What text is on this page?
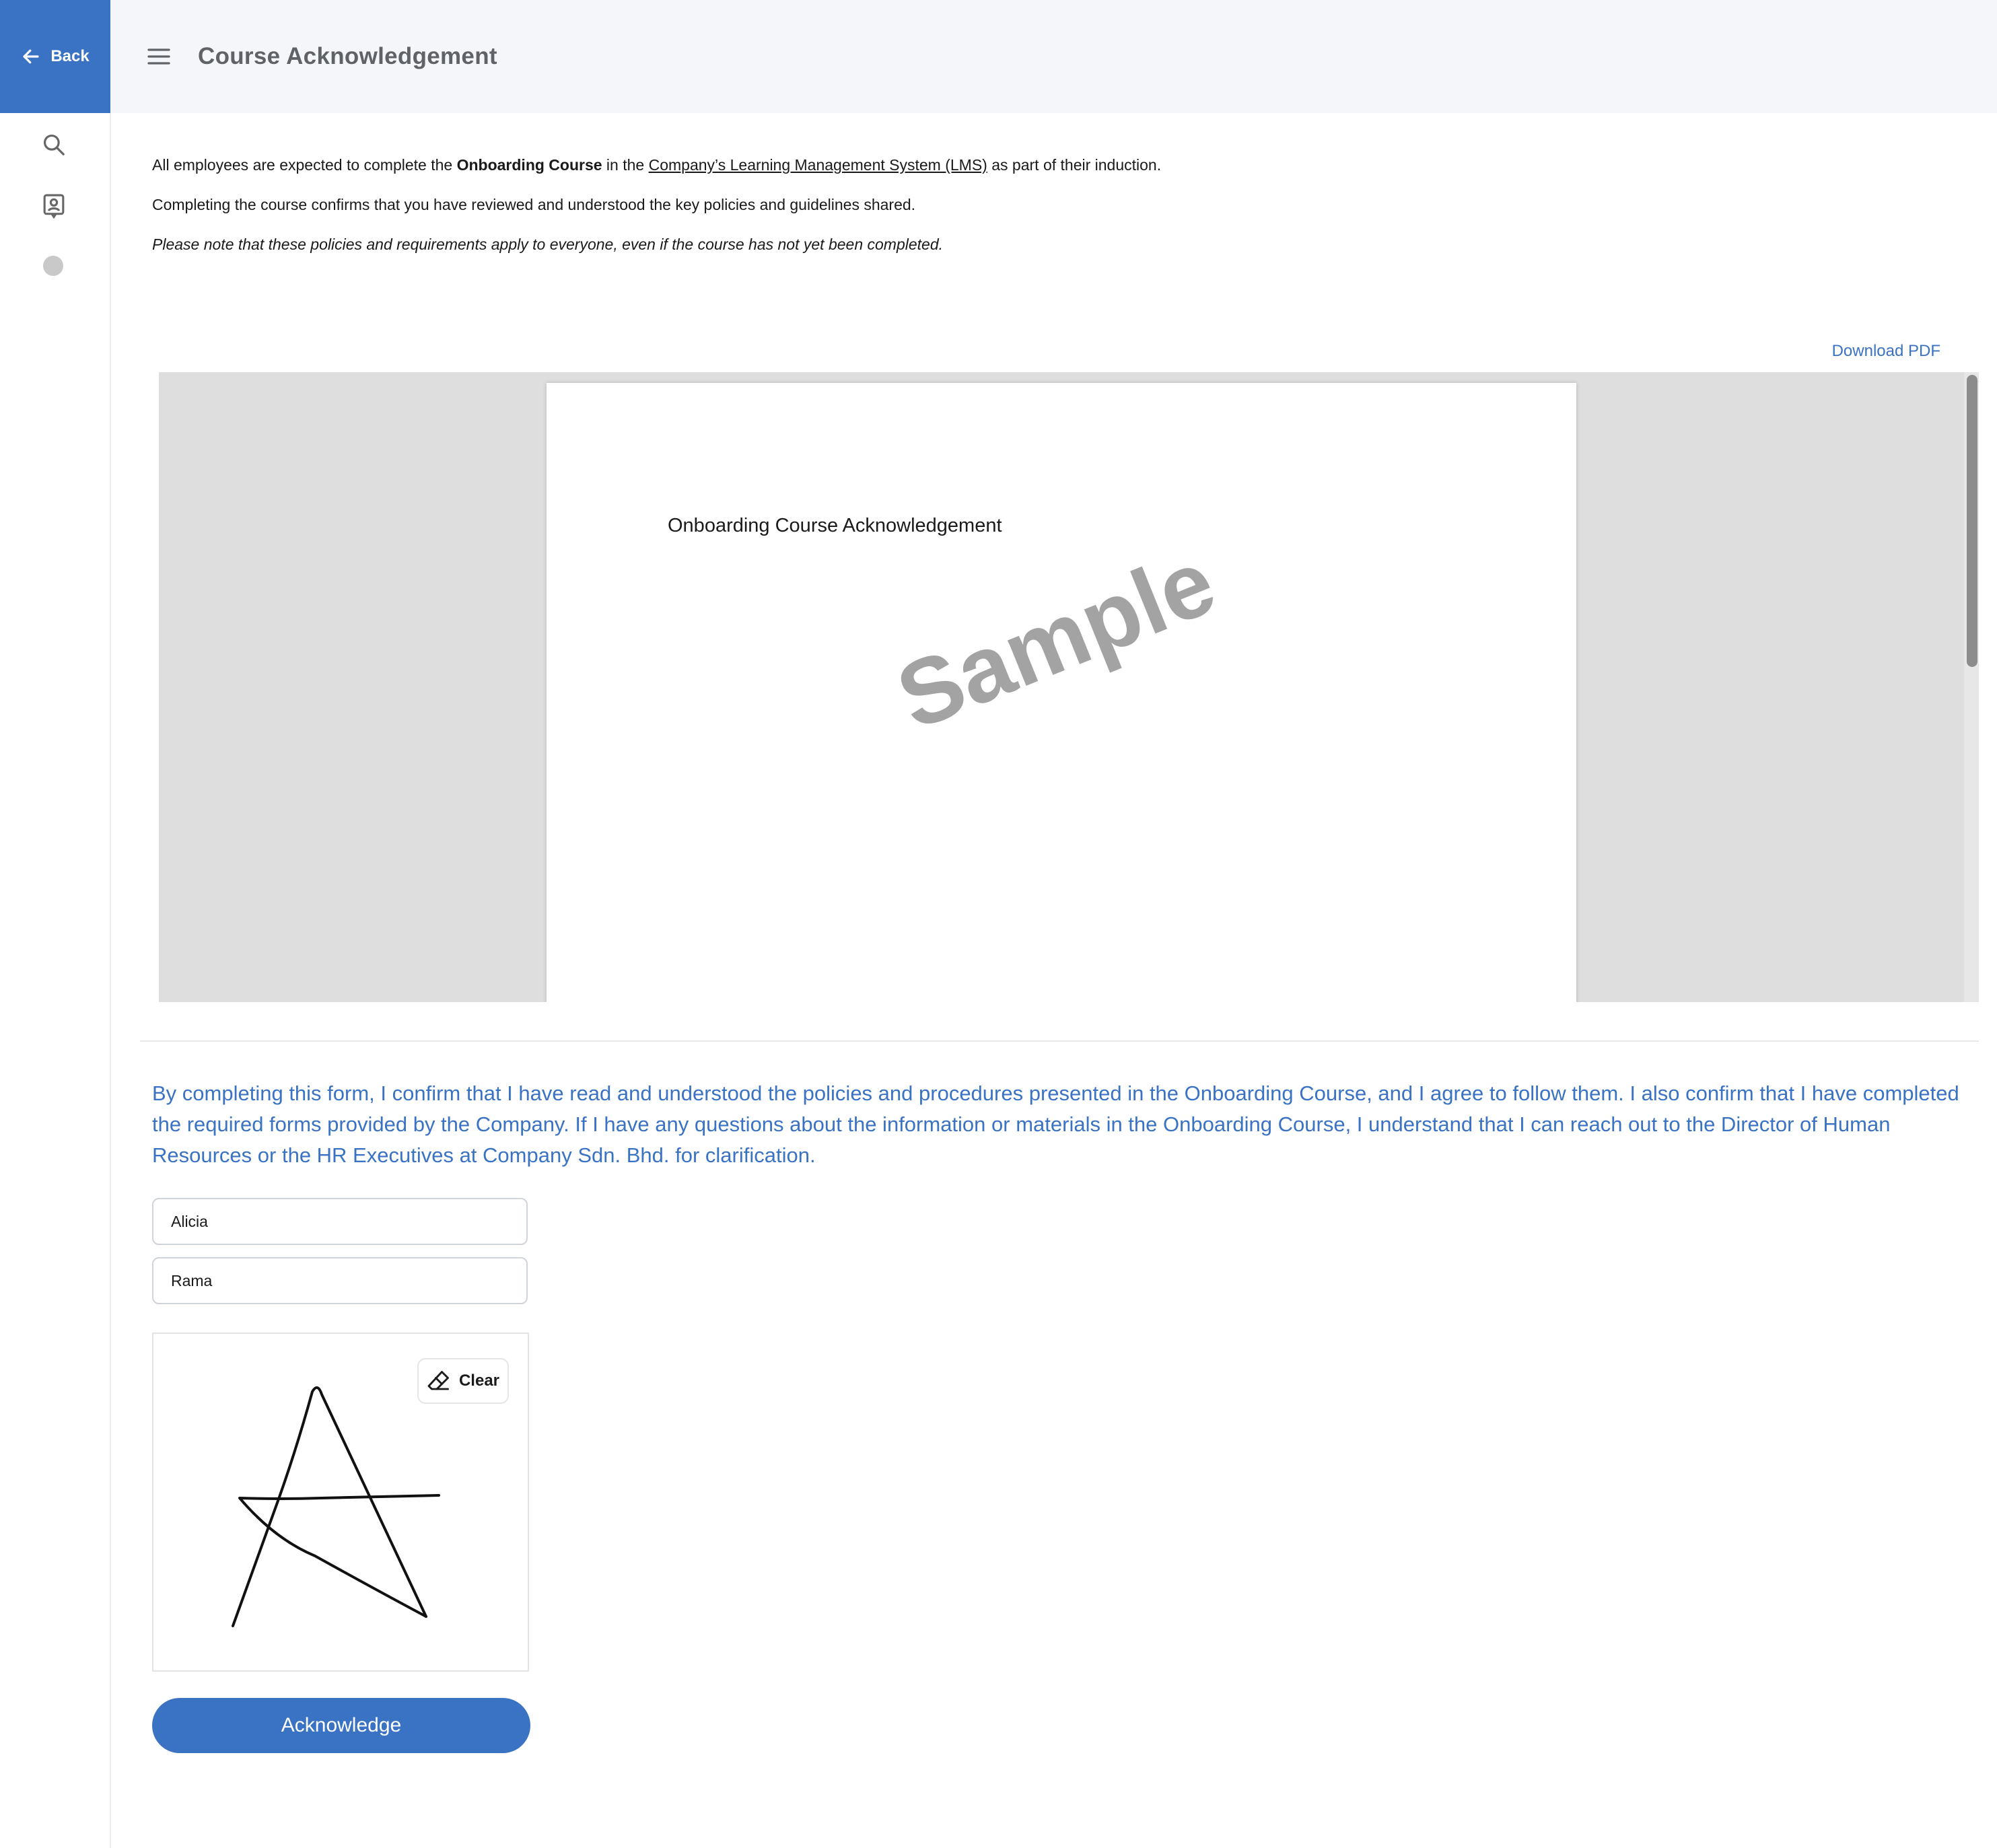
Back	Course Acknowledgement
All employees are expected to complete the Onboarding Course in the Company’s Learning Management System (LMS) as part of their induction.
Completing the course confirms that you have reviewed and understood the key policies and guidelines shared.
Please note that these policies and requirements apply to everyone, even if the course has not yet been completed.
Download PDF
Onboarding Course Acknowledgement
Sample
By completing this form, I confirm that I have read and understood the policies and procedures presented in the Onboarding Course, and I agree to follow them. I also confirm that I have completed the required forms provided by the Company. If I have any questions about the information or materials in the Onboarding Course, I understand that I can reach out to the Director of Human Resources or the HR Executives at Company Sdn. Bhd. for clarification.
Alicia
Rama
Clear
Acknowledge
